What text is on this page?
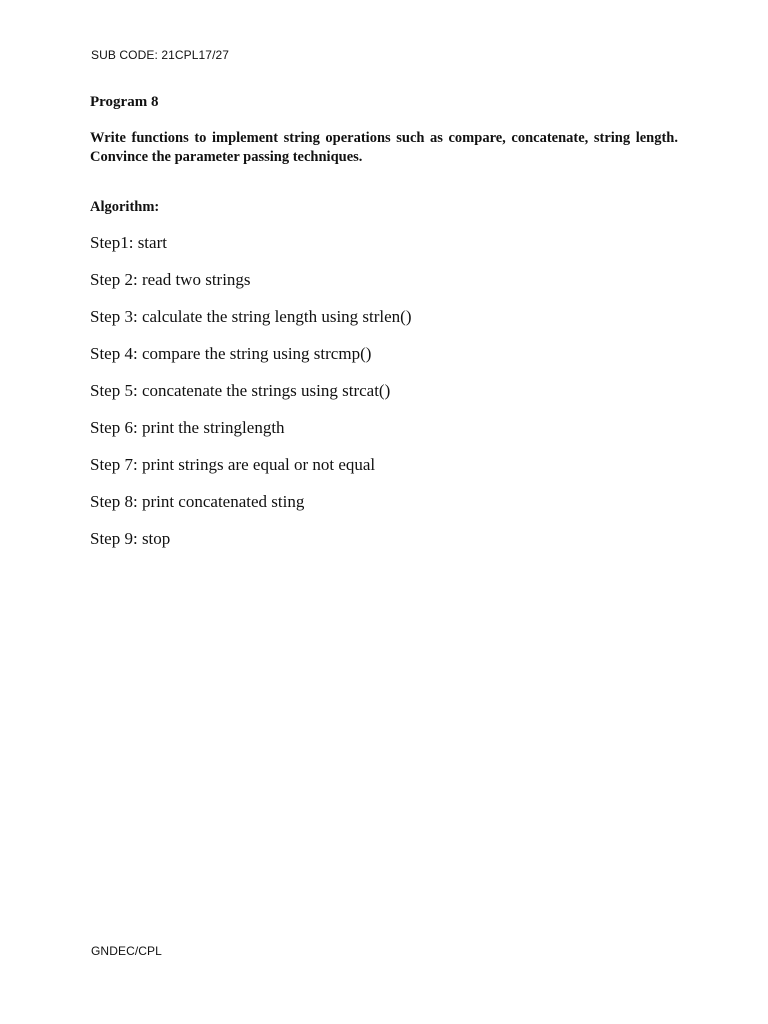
SUB CODE: 21CPL17/27
Program 8
Write functions to implement string operations such as compare, concatenate, string length. Convince the parameter passing techniques.
Algorithm:
Step1: start
Step 2: read two strings
Step 3: calculate the string length using strlen()
Step 4: compare the string using strcmp()
Step 5: concatenate the strings using strcat()
Step 6: print the stringlength
Step 7: print strings are equal or not equal
Step 8: print concatenated sting
Step 9: stop
GNDEC/CPL
